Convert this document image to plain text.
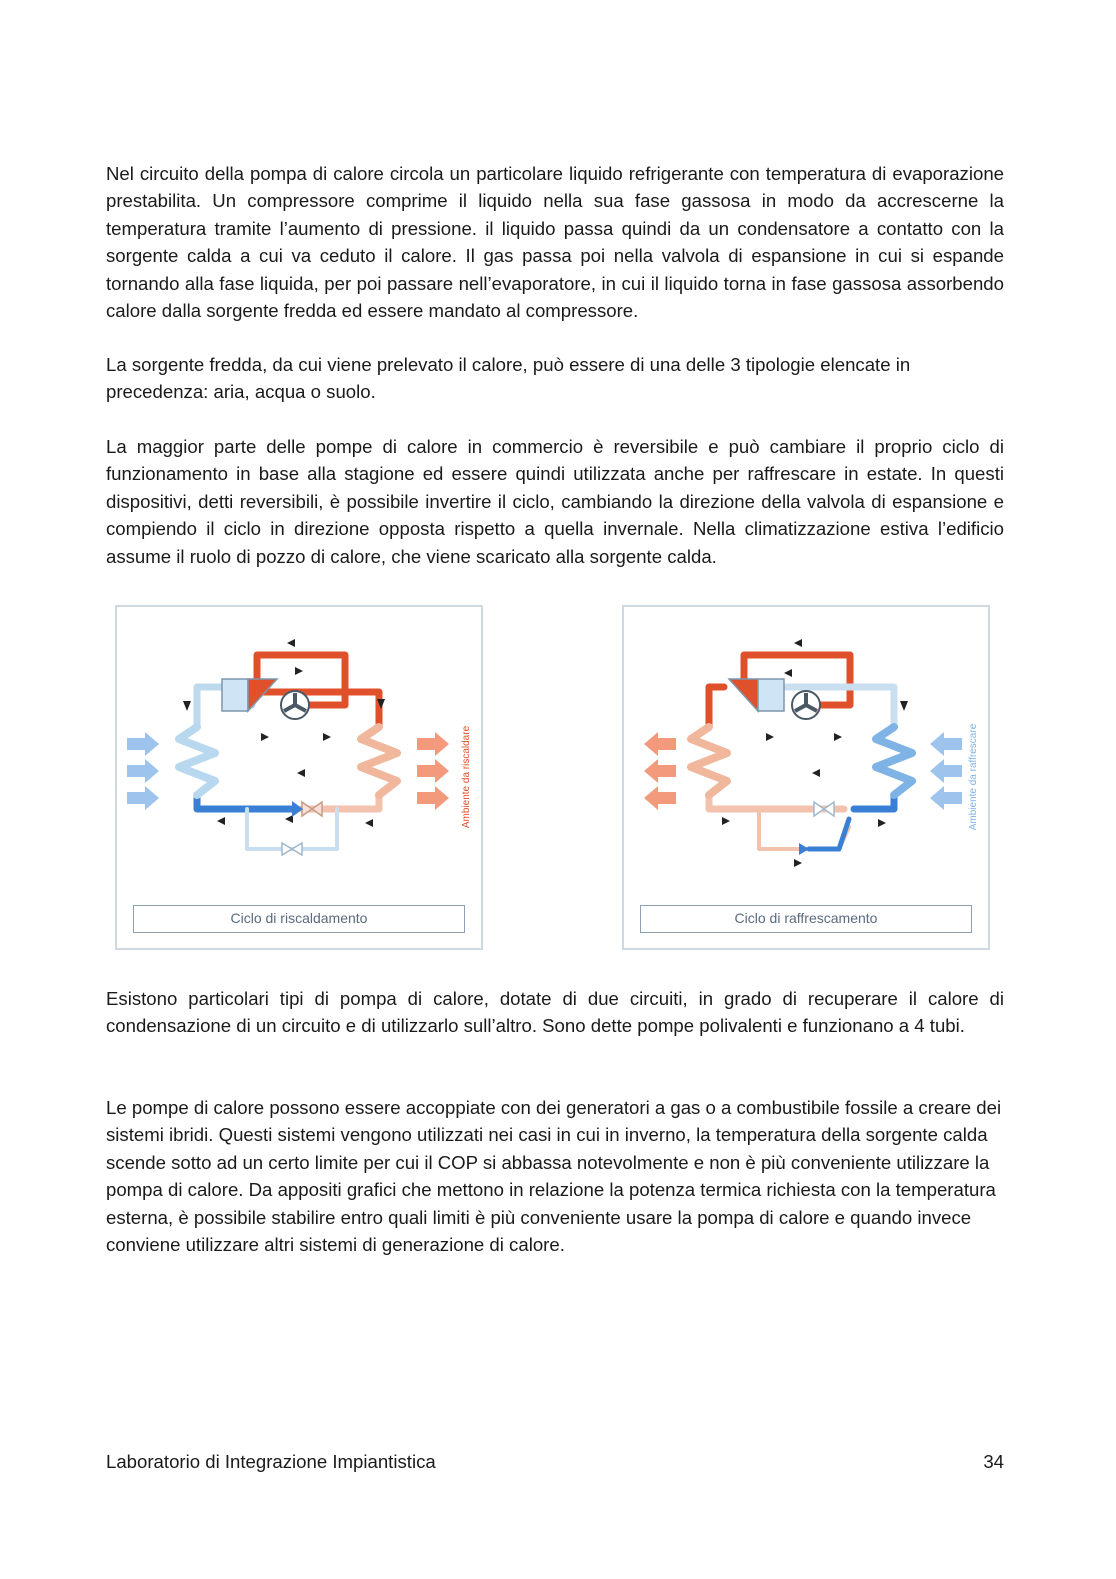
Nel circuito della pompa di calore circola un particolare liquido refrigerante con temperatura di evaporazione prestabilita. Un compressore comprime il liquido nella sua fase gassosa in modo da accrescerne la temperatura tramite l’aumento di pressione. il liquido passa quindi da un condensatore a contatto con la sorgente calda a cui va ceduto il calore. Il gas passa poi nella valvola di espansione in cui si espande tornando alla fase liquida, per poi passare nell’evaporatore, in cui il liquido torna in fase gassosa assorbendo calore dalla sorgente fredda ed essere mandato al compressore.

La sorgente fredda, da cui viene prelevato il calore, può essere di una delle 3 tipologie elencate in precedenza: aria, acqua o suolo.

La maggior parte delle pompe di calore in commercio è reversibile e può cambiare il proprio ciclo di funzionamento in base alla stagione ed essere quindi utilizzata anche per raffrescare in estate. In questi dispositivi, detti reversibili, è possibile invertire il ciclo, cambiando la direzione della valvola di espansione e compiendo il ciclo in direzione opposta rispetto a quella invernale. Nella climatizzazione estiva l’edificio assume il ruolo di pozzo di calore, che viene scaricato alla sorgente calda.

Ambiente da riscaldare
Ciclo di riscaldamento
Ambiente da raffrescare
Ciclo di raffrescamento

Esistono particolari tipi di pompa di calore, dotate di due circuiti, in grado di recuperare il calore di condensazione di un circuito e di utilizzarlo sull’altro. Sono dette pompe polivalenti e funzionano a 4 tubi.

Le pompe di calore possono essere accoppiate con dei generatori a gas o a combustibile fossile a creare dei sistemi ibridi. Questi sistemi vengono utilizzati nei casi in cui in inverno, la temperatura della sorgente calda scende sotto ad un certo limite per cui il COP si abbassa notevolmente e non è più conveniente utilizzare la pompa di calore. Da appositi grafici che mettono in relazione la potenza termica richiesta con la temperatura esterna, è possibile stabilire entro quali limiti è più conveniente usare la pompa di calore e quando invece conviene utilizzare altri sistemi di generazione di calore.

Laboratorio di Integrazione Impiantistica	34
